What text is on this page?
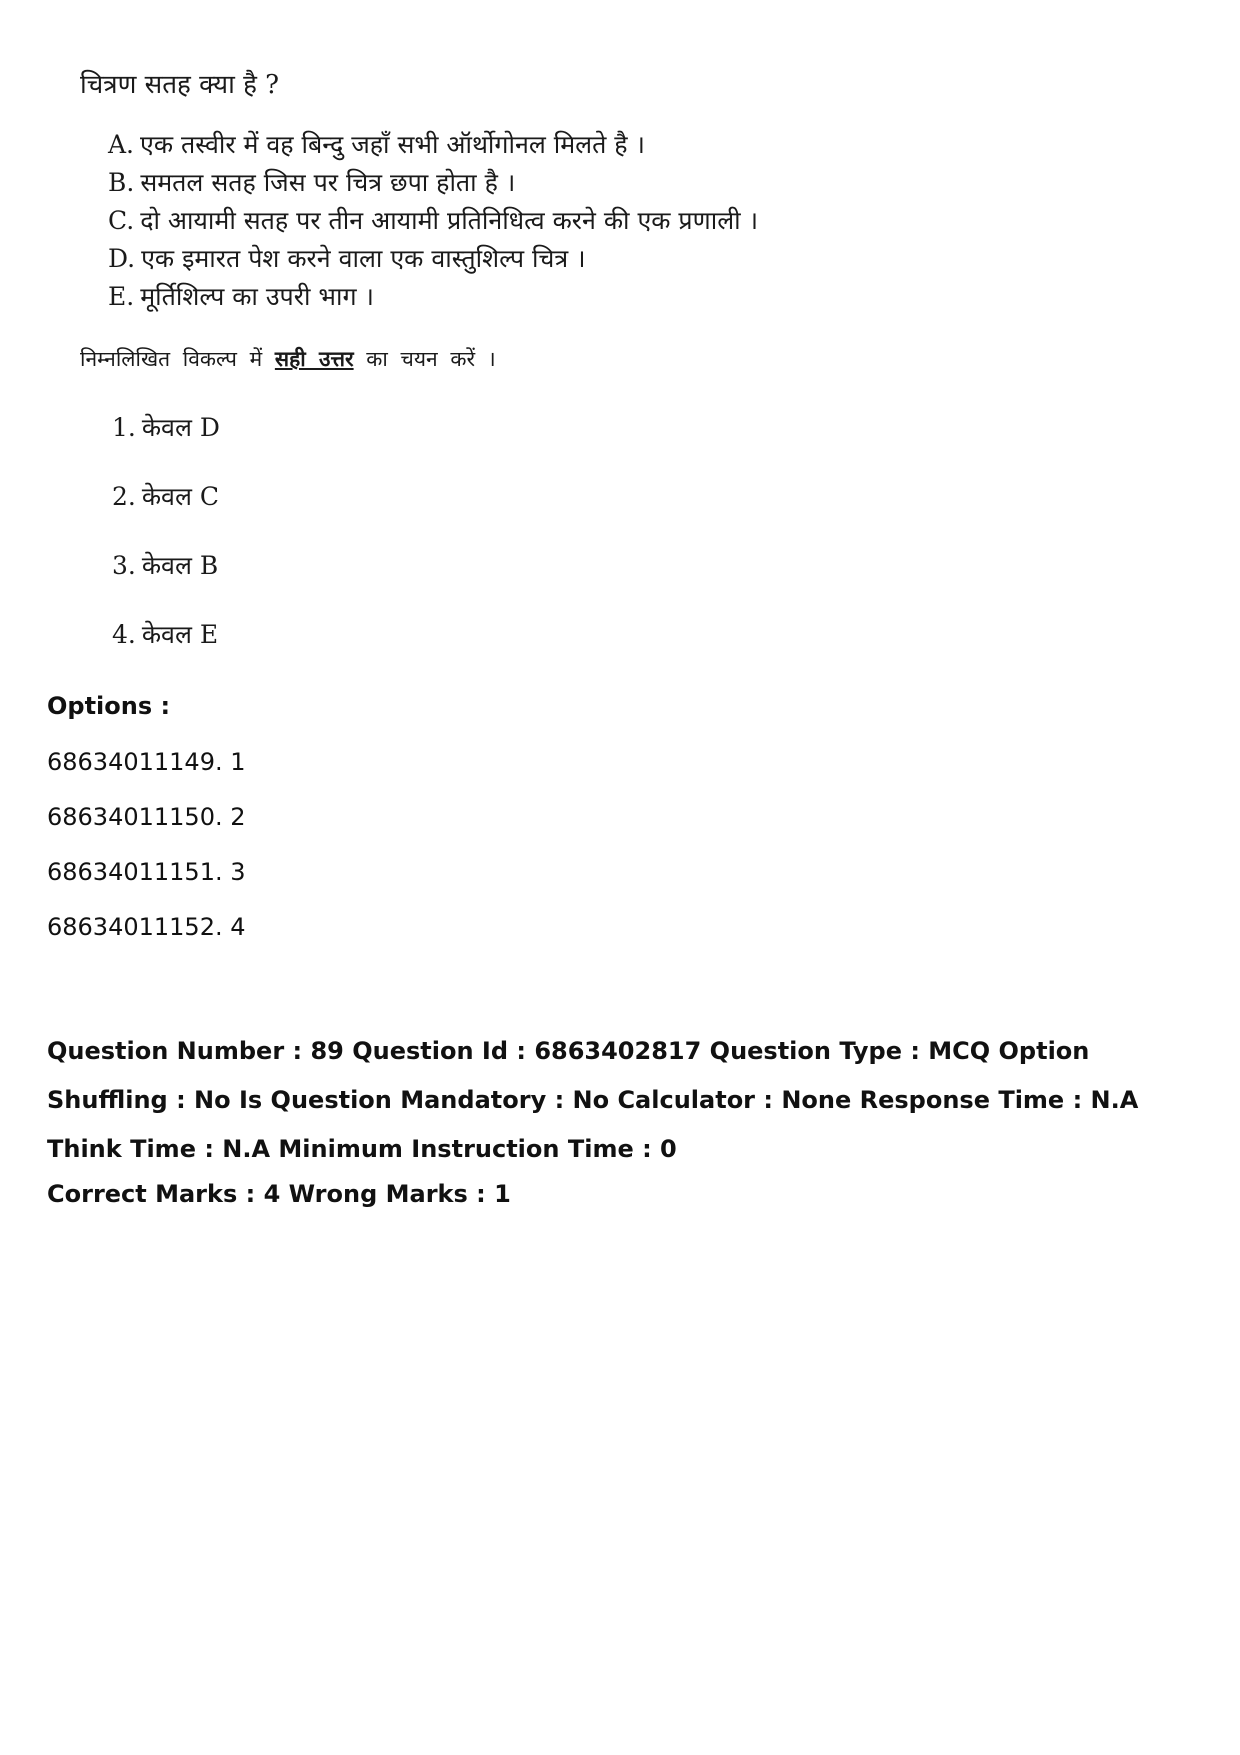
चित्रण सतह क्या है ?
A. एक तस्वीर में वह बिन्दु जहाँ सभी ऑर्थोगोनल मिलते है ।
B. समतल सतह जिस पर चित्र छपा होता है ।
C. दो आयामी सतह पर तीन आयामी प्रतिनिधित्व करने की एक प्रणाली ।
D. एक इमारत पेश करने वाला एक वास्तुशिल्प चित्र ।
E. मूर्तिशिल्प का उपरी भाग ।
निम्नलिखित विकल्प में सही उत्तर का चयन करें ।
1. केवल D
2. केवल C
3. केवल B
4. केवल E
Options :
68634011149. 1
68634011150. 2
68634011151. 3
68634011152. 4
Question Number : 89 Question Id : 6863402817 Question Type : MCQ Option Shuffling : No Is Question Mandatory : No Calculator : None Response Time : N.A Think Time : N.A Minimum Instruction Time : 0
Correct Marks : 4 Wrong Marks : 1
